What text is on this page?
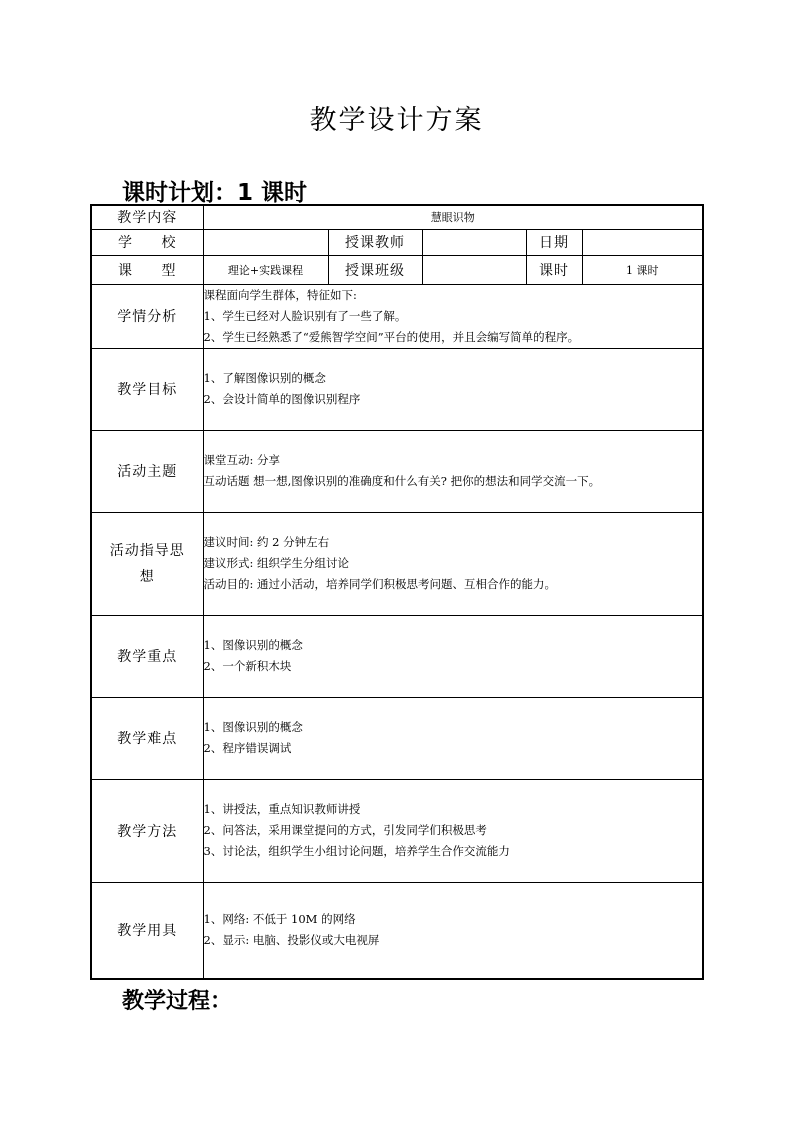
教学设计方案
课时计划：1 课时
教学内容	慧眼识物				
学校		授课教师		日期	
课型	理论+实践课程	授课班级		课时	1 课时
学情分析	课程面向学生群体，特征如下:
1、学生已经对人脸识别有了一些了解。
2、学生已经熟悉了“爱熊智学空间”平台的使用，并且会编写简单的程序。				

教学目标	1、了解图像识别的概念
2、会设计简单的图像识别程序				

活动主题	课堂互动: 分享
互动话题 想一想,图像识别的准确度和什么有关? 把你的想法和同学交流一下。				

活动指导思想	建议时间: 约 2 分钟左右
建议形式: 组织学生分组讨论
活动目的: 通过小活动，培养同学们积极思考问题、互相合作的能力。				

教学重点	1、图像识别的概念
2、一个新积木块				

教学难点	1、图像识别的概念
2、程序错误调试				

教学方法	1、讲授法，重点知识教师讲授
2、问答法，采用课堂提问的方式，引发同学们积极思考
3、讨论法，组织学生小组讨论问题，培养学生合作交流能力				

教学用具	1、网络: 不低于 10M 的网络
2、显示: 电脑、投影仪或大电视屏				
教学过程：
